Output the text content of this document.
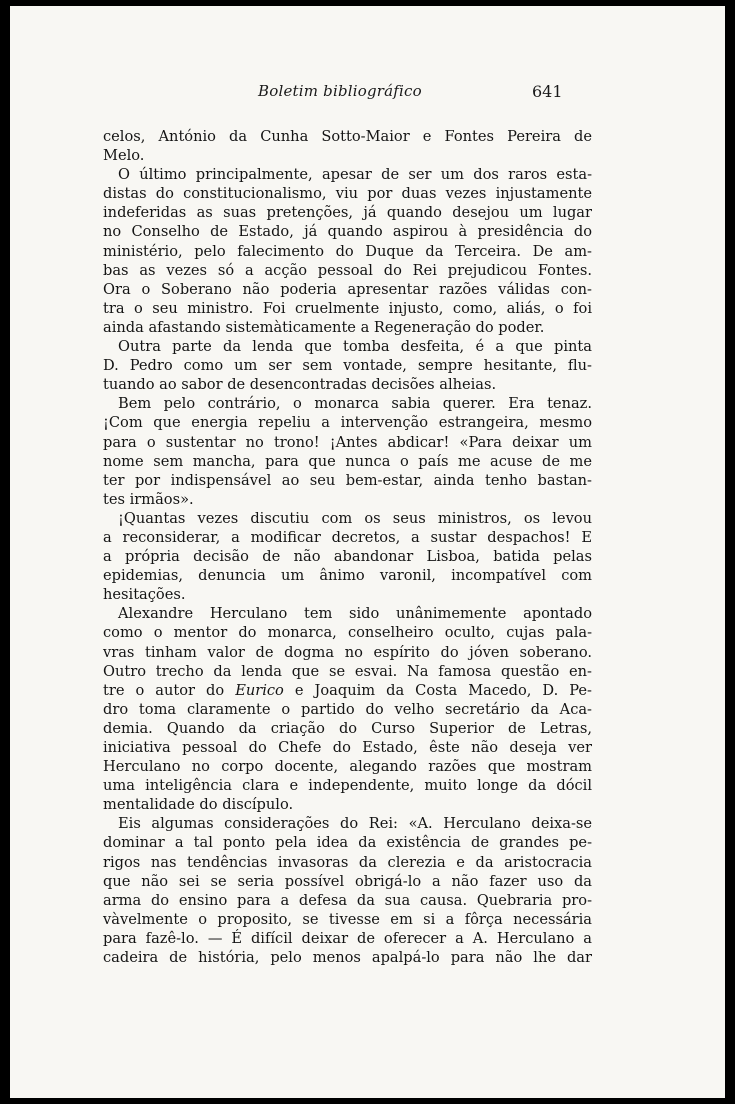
Boletim bibliográfico	641

celos, António da Cunha Sotto-Maior e Fontes Pereira de
Melo.

O último principalmente, apesar de ser um dos raros esta-
distas do constitucionalismo, viu por duas vezes injustamente
indeferidas as suas pretenções, já quando desejou um lugar
no Conselho de Estado, já quando aspirou à presidência do
ministério, pelo falecimento do Duque da Terceira. De am-
bas as vezes só a acção pessoal do Rei prejudicou Fontes.
Ora o Soberano não poderia apresentar razões válidas con-
tra o seu ministro. Foi cruelmente injusto, como, aliás, o foi
ainda afastando sistemàticamente a Regeneração do poder.

Outra parte da lenda que tomba desfeita, é a que pinta
D. Pedro como um ser sem vontade, sempre hesitante, flu-
tuando ao sabor de desencontradas decisões alheias.

Bem pelo contrário, o monarca sabia querer. Era tenaz.
¡Com que energia repeliu a intervenção estrangeira, mesmo
para o sustentar no trono! ¡Antes abdicar! «Para deixar um
nome sem mancha, para que nunca o país me acuse de me
ter por indispensável ao seu bem-estar, ainda tenho bastan-
tes irmãos».

¡Quantas vezes discutiu com os seus ministros, os levou
a reconsiderar, a modificar decretos, a sustar despachos! E
a própria decisão de não abandonar Lisboa, batida pelas
epidemias, denuncia um ânimo varonil, incompatível com
hesitações.

Alexandre Herculano tem sido unânimemente apontado
como o mentor do monarca, conselheiro oculto, cujas pala-
vras tinham valor de dogma no espírito do jóven soberano.
Outro trecho da lenda que se esvai. Na famosa questão en-
tre o autor do Eurico e Joaquim da Costa Macedo, D. Pe-
dro toma claramente o partido do velho secretário da Aca-
demia. Quando da criação do Curso Superior de Letras,
iniciativa pessoal do Chefe do Estado, êste não deseja ver
Herculano no corpo docente, alegando razões que mostram
uma inteligência clara e independente, muito longe da dócil
mentalidade do discípulo.

Eis algumas considerações do Rei: «A. Herculano deixa-se
dominar a tal ponto pela idea da existência de grandes pe-
rigos nas tendências invasoras da clerezia e da aristocracia
que não sei se seria possível obrigá-lo a não fazer uso da
arma do ensino para a defesa da sua causa. Quebraria pro-
vàvelmente o proposito, se tivesse em si a fôrça necessária
para fazê-lo. — É difícil deixar de oferecer a A. Herculano a
cadeira de história, pelo menos apalpá-lo para não lhe dar
